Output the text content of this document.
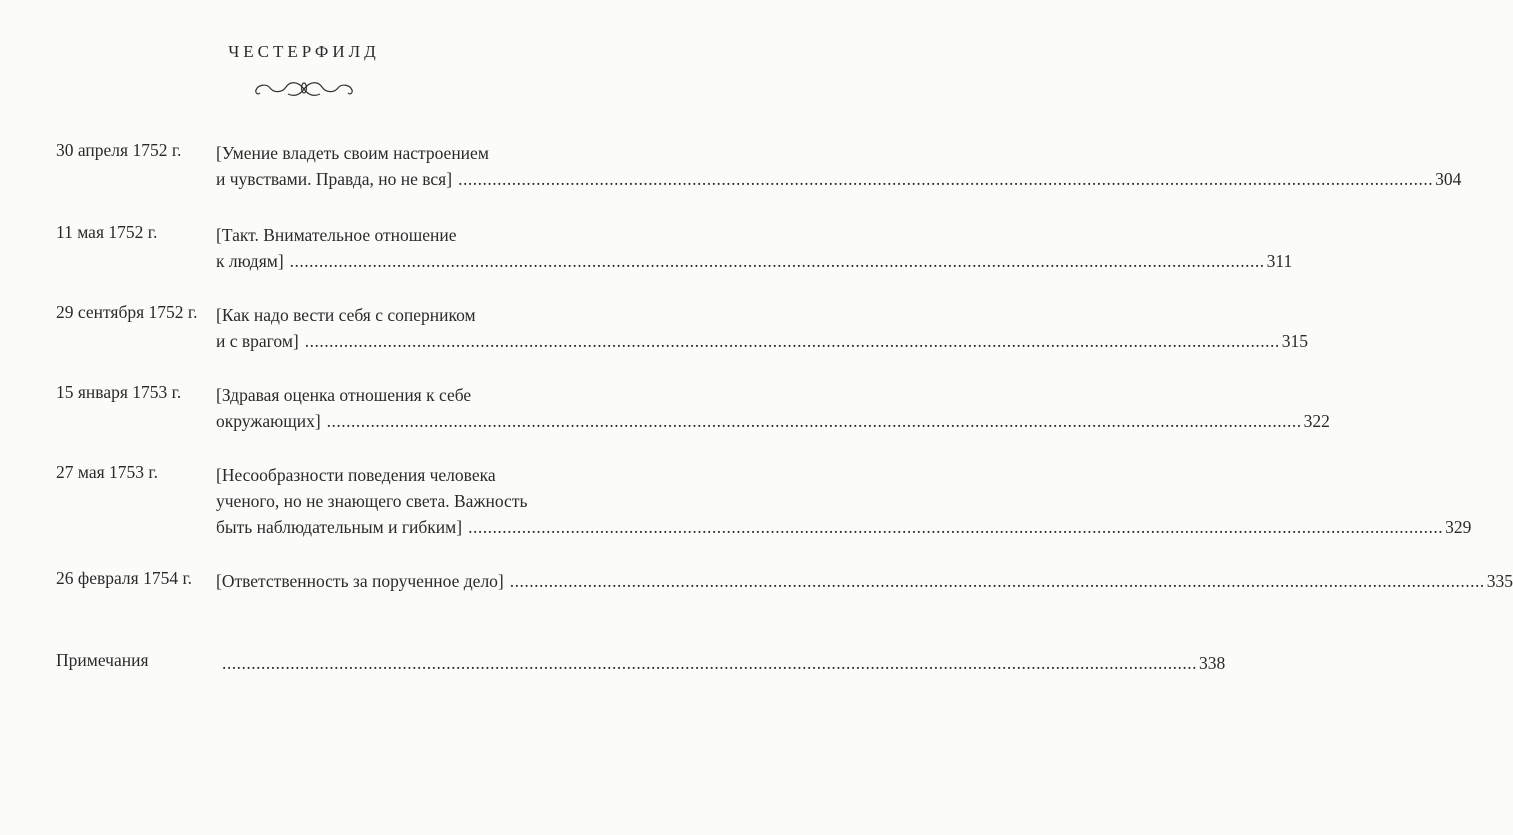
ЧЕСТЕРФИЛД
30 апреля 1752 г. [Умение владеть своим настроением
и чувствами. Правда, но не вся] ........................................................................................................................................................................................................ 304
11 мая 1752 г.	[Такт. Внимательное отношение
к людям] ........................................................................................................................................................................................................ 311
29 сентября 1752 г. [Как надо вести себя с соперником
и с врагом] ........................................................................................................................................................................................................ 315
15 января 1753 г. [Здравая оценка отношения к себе
окружающих] ........................................................................................................................................................................................................ 322
27 мая 1753 г.	[Несообразности поведения человека
ученого, но не знающего света. Важность
быть наблюдательным и гибким] ........................................................................................................................................................................................................ 329
26 февраля 1754 г. [Ответственность за порученное дело] ........................................................................................................................................................................................................ 335
Примечания	........................................................................................................................................................................................................ 338
